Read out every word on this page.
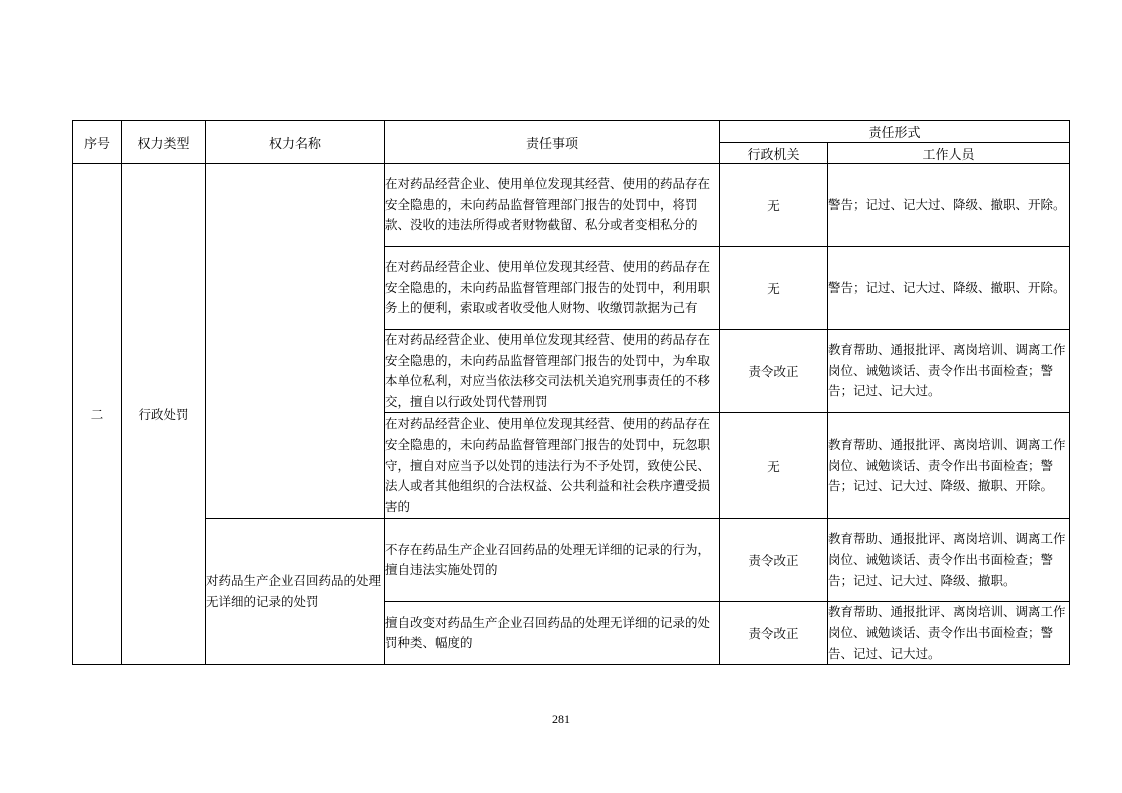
序号	权力类型	权力名称	责任事项	责任形式	
				行政机关	工作人员
二	行政处罚		在对药品经营企业、使用单位发现其经营、使用的药品存在安全隐患的，未向药品监督管理部门报告的处罚中，将罚款、没收的违法所得或者财物截留、私分或者变相私分的	无	警告；记过、记大过、降级、撤职、开除。
			在对药品经营企业、使用单位发现其经营、使用的药品存在安全隐患的，未向药品监督管理部门报告的处罚中，利用职务上的便利，索取或者收受他人财物、收缴罚款据为己有	无	警告；记过、记大过、降级、撤职、开除。
			在对药品经营企业、使用单位发现其经营、使用的药品存在安全隐患的，未向药品监督管理部门报告的处罚中，为牟取本单位私利，对应当依法移交司法机关追究刑事责任的不移交，擅自以行政处罚代替刑罚	责令改正	教育帮助、通报批评、离岗培训、调离工作岗位、诫勉谈话、责令作出书面检查；警告；记过、记大过。
			在对药品经营企业、使用单位发现其经营、使用的药品存在安全隐患的，未向药品监督管理部门报告的处罚中，玩忽职守，擅自对应当予以处罚的违法行为不予处罚，致使公民、法人或者其他组织的合法权益、公共利益和社会秩序遭受损害的	无	教育帮助、通报批评、离岗培训、调离工作岗位、诫勉谈话、责令作出书面检查；警告；记过、记大过、降级、撤职、开除。
		对药品生产企业召回药品的处理无详细的记录的处罚	不存在药品生产企业召回药品的处理无详细的记录的行为，擅自违法实施处罚的	责令改正	教育帮助、通报批评、离岗培训、调离工作岗位、诫勉谈话、责令作出书面检查；警告；记过、记大过、降级、撤职。
			擅自改变对药品生产企业召回药品的处理无详细的记录的处罚种类、幅度的	责令改正	教育帮助、通报批评、离岗培训、调离工作岗位、诫勉谈话、责令作出书面检查；警告、记过、记大过。
281
